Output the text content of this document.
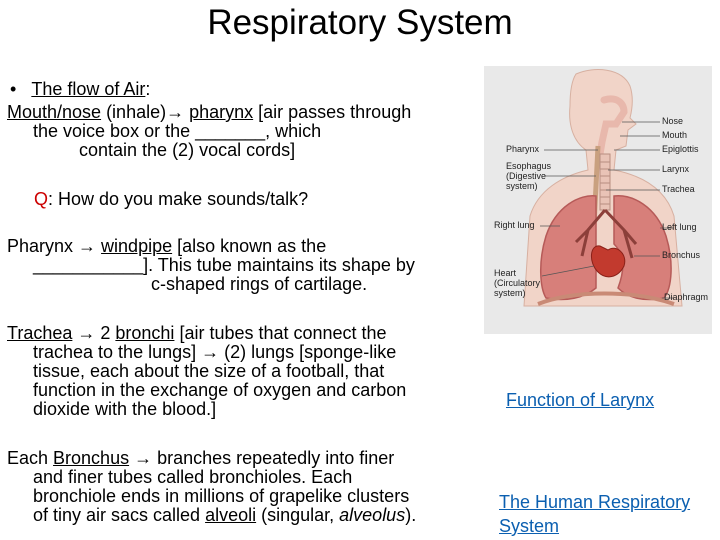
Respiratory System
• The flow of Air:
Mouth/nose (inhale)→ pharynx [air passes through
the voice box or the _______, which
contain the (2) vocal cords]
Q: How do you make sounds/talk?
Pharynx → windpipe [also known as the
___________]. This tube maintains its shape by
c-shaped rings of cartilage.
Trachea → 2 bronchi [air tubes that connect the
trachea to the lungs] → (2) lungs [sponge-like
tissue, each about the size of a football, that
function in the exchange of oxygen and carbon
dioxide with the blood.]
Each Bronchus → branches repeatedly into finer
and finer tubes called bronchioles. Each
bronchiole ends in millions of grapelike clusters
of tiny air sacs called alveoli (singular, alveolus).
Function of Larynx
The Human Respiratory
System
Nose
Mouth
Epiglottis
Larynx
Trachea
Pharynx
Esophagus
(Digestive
system)
Right lung	Left lung
Bronchus
Heart
(Circulatory
system)	Diaphragm
